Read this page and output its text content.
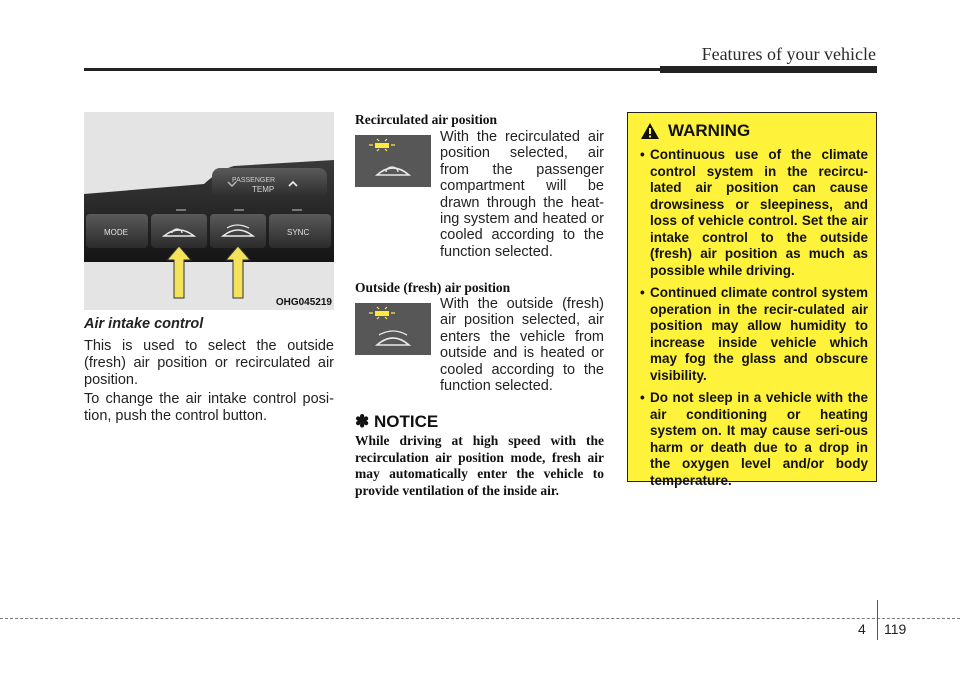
Features of your vehicle
PASSENGER
TEMP
MODE	SYNC
OHG045219
Air intake control

This is used to select the outside (fresh) air position or recirculated air position.

To change the air intake control posi-tion, push the control button.

Recirculated air position

With the recirculated air position selected, air from the passenger compartment will be drawn through the heat-ing system and heated or cooled according to the function selected.

Outside (fresh) air position

With the outside (fresh) air position selected, air enters the vehicle from outside and is heated or cooled according to the function selected.

✽ NOTICE

While driving at high speed with the recirculation air position mode, fresh air may automatically enter the vehicle to provide ventilation of the inside air.

WARNING
• Continuous use of the climate control system in the recircu-lated air position can cause drowsiness or sleepiness, and loss of vehicle control. Set the air intake control to the outside (fresh) air position as much as possible while driving.
• Continued climate control system operation in the recir-culated air position may allow humidity to increase inside vehicle which may fog the glass and obscure visibility.
• Do not sleep in a vehicle with the air conditioning or heating system on. It may cause seri-ous harm or death due to a drop in the oxygen level and/or body temperature.
4 119
